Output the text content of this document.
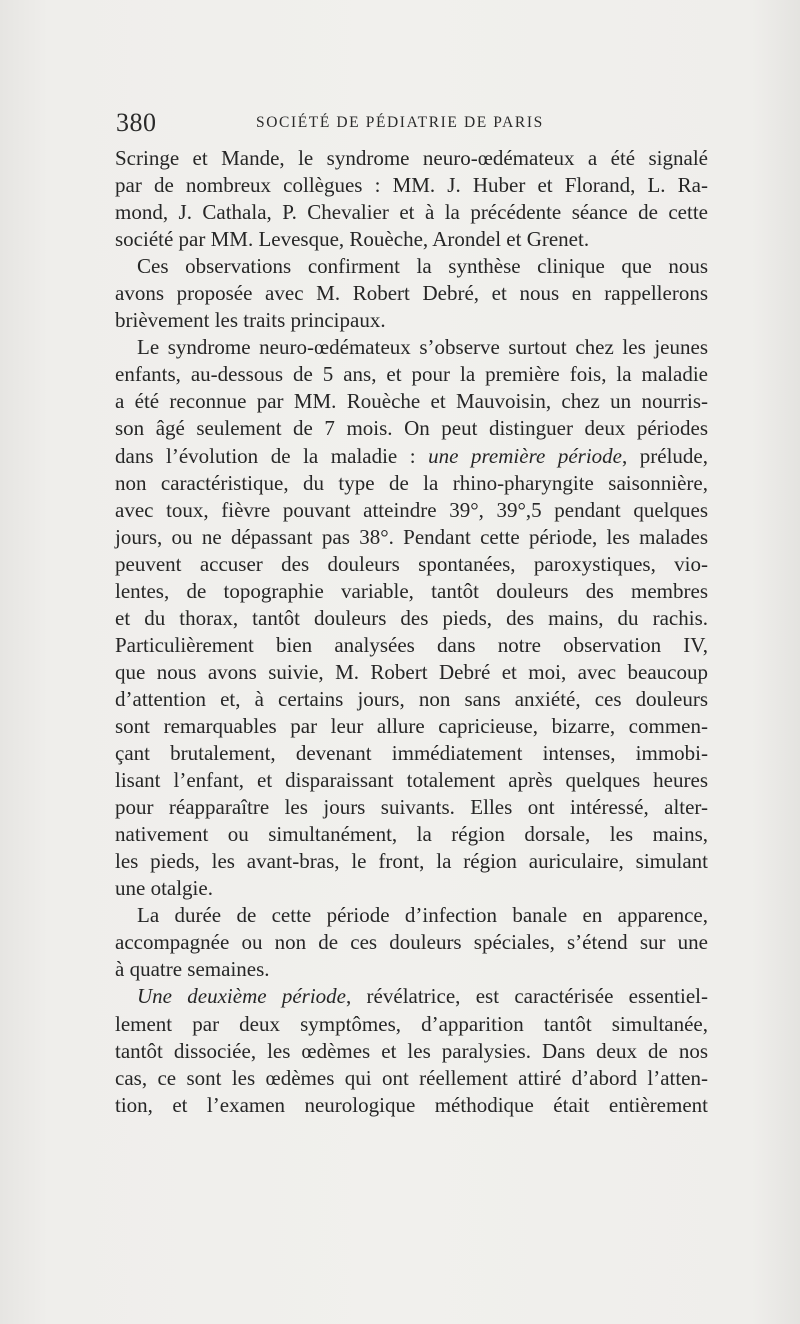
380	SOCIÉTÉ DE PÉDIATRIE DE PARIS
Scringe et Mande, le syndrome neuro-œdémateux a été signalé
par de nombreux collègues : MM. J. Huber et Florand, L. Ra-
mond, J. Cathala, P. Chevalier et à la précédente séance de cette
société par MM. Levesque, Rouèche, Arondel et Grenet.
Ces observations confirment la synthèse clinique que nous
avons proposée avec M. Robert Debré, et nous en rappellerons
brièvement les traits principaux.
Le syndrome neuro-œdémateux s’observe surtout chez les jeunes
enfants, au-dessous de 5 ans, et pour la première fois, la maladie
a été reconnue par MM. Rouèche et Mauvoisin, chez un nourris-
son âgé seulement de 7 mois. On peut distinguer deux périodes
dans l’évolution de la maladie : une première période, prélude,
non caractéristique, du type de la rhino-pharyngite saisonnière,
avec toux, fièvre pouvant atteindre 39°, 39°,5 pendant quelques
jours, ou ne dépassant pas 38°. Pendant cette période, les malades
peuvent accuser des douleurs spontanées, paroxystiques, vio-
lentes, de topographie variable, tantôt douleurs des membres
et du thorax, tantôt douleurs des pieds, des mains, du rachis.
Particulièrement bien analysées dans notre observation IV,
que nous avons suivie, M. Robert Debré et moi, avec beaucoup
d’attention et, à certains jours, non sans anxiété, ces douleurs
sont remarquables par leur allure capricieuse, bizarre, commen-
çant brutalement, devenant immédiatement intenses, immobi-
lisant l’enfant, et disparaissant totalement après quelques heures
pour réapparaître les jours suivants. Elles ont intéressé, alter-
nativement ou simultanément, la région dorsale, les mains,
les pieds, les avant-bras, le front, la région auriculaire, simulant
une otalgie.
La durée de cette période d’infection banale en apparence,
accompagnée ou non de ces douleurs spéciales, s’étend sur une
à quatre semaines.
Une deuxième période, révélatrice, est caractérisée essentiel-
lement par deux symptômes, d’apparition tantôt simultanée,
tantôt dissociée, les œdèmes et les paralysies. Dans deux de nos
cas, ce sont les œdèmes qui ont réellement attiré d’abord l’atten-
tion, et l’examen neurologique méthodique était entièrement
